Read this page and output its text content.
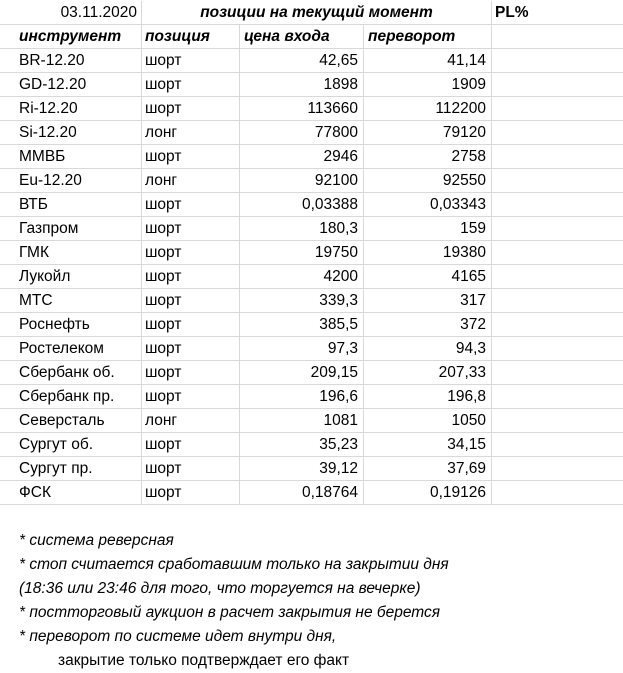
03.11.2020	позиции на текущий момент	PL%
инструмент	позиция	цена входа	переворот
BR-12.20	шорт	42,65	41,14
GD-12.20	шорт	1898	1909
Ri-12.20	шорт	113660	112200
Si-12.20	лонг	77800	79120
ММВБ	шорт	2946	2758
Eu-12.20	лонг	92100	92550
ВТБ	шорт	0,03388	0,03343
Газпром	шорт	180,3	159
ГМК	шорт	19750	19380
Лукойл	шорт	4200	4165
МТС	шорт	339,3	317
Роснефть	шорт	385,5	372
Ростелеком	шорт	97,3	94,3
Сбербанк об.	шорт	209,15	207,33
Сбербанк пр.	шорт	196,6	196,8
Северсталь	лонг	1081	1050
Сургут об.	шорт	35,23	34,15
Сургут пр.	шорт	39,12	37,69
ФСК	шорт	0,18764	0,19126
* система реверсная
* стоп считается сработавшим только на закрытии дня
(18:36 или 23:46 для того, что торгуется на вечерке)
* постторговый аукцион в расчет закрытия не берется
* переворот по системе идет внутри дня,
закрытие только подтверждает его факт
